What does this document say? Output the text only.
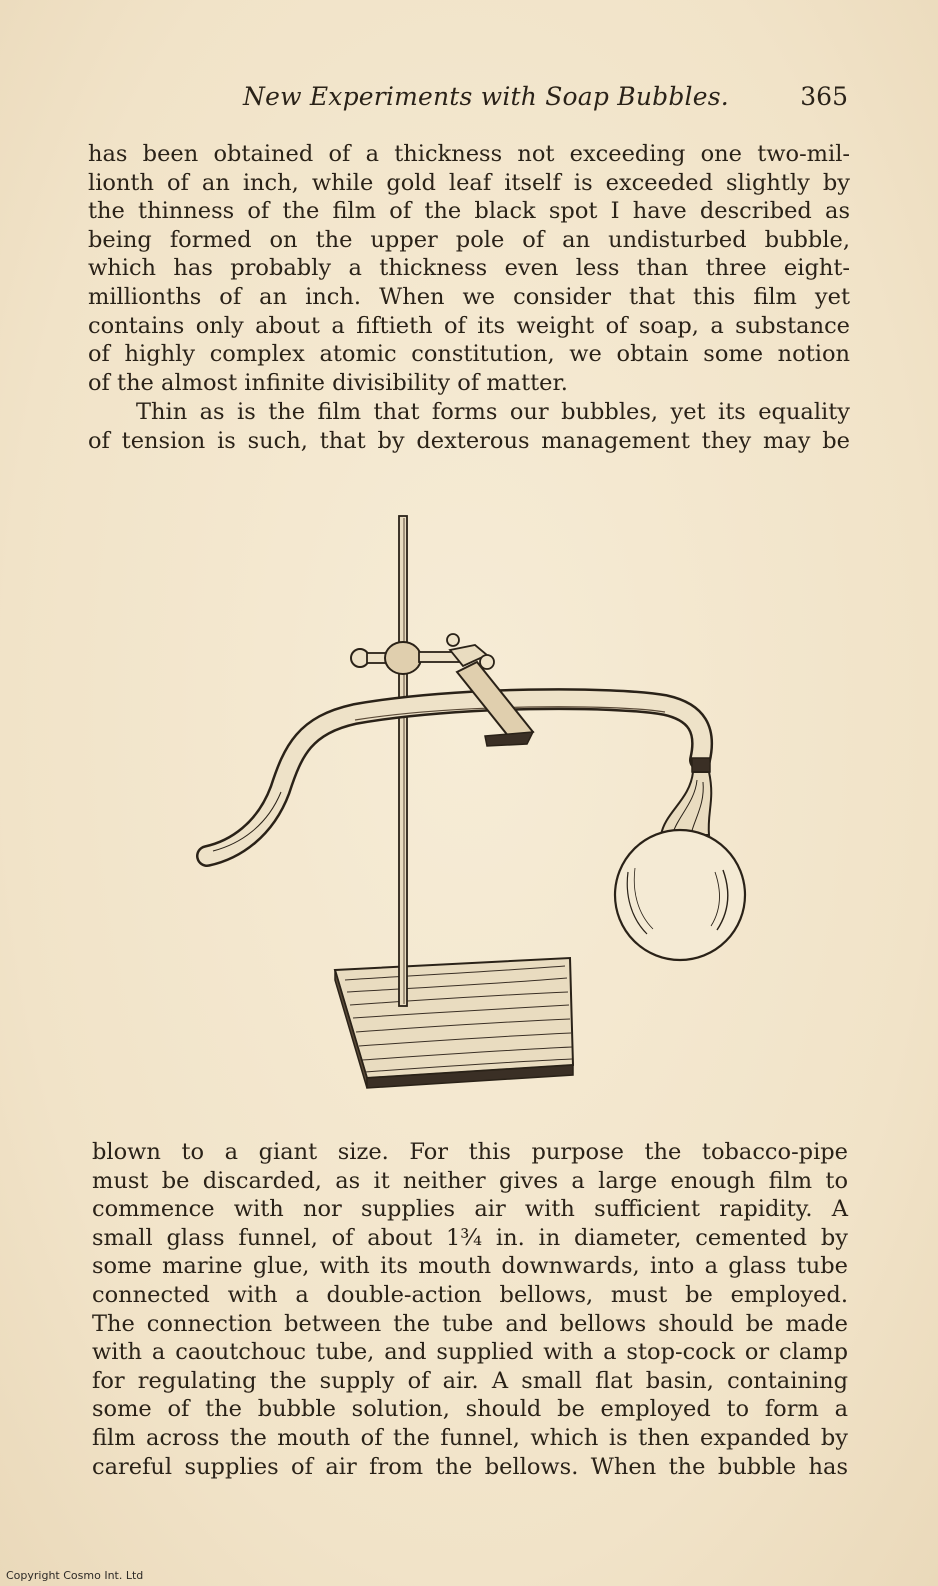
New Experiments with Soap Bubbles.	365
has been obtained of a thickness not exceeding one two-mil-
lionth of an inch, while gold leaf itself is exceeded slightly by
the thinness of the film of the black spot I have described as
being formed on the upper pole of an undisturbed bubble,
which has probably a thickness even less than three eight-
millionths of an inch. When we consider that this film yet
contains only about a fiftieth of its weight of soap, a substance
of highly complex atomic constitution, we obtain some notion
of the almost infinite divisibility of matter.
Thin as is the film that forms our bubbles, yet its equality
of tension is such, that by dexterous management they may be
blown to a giant size. For this purpose the tobacco-pipe
must be discarded, as it neither gives a large enough film to
commence with nor supplies air with sufficient rapidity. A
small glass funnel, of about 1¾ in. in diameter, cemented by
some marine glue, with its mouth downwards, into a glass tube
connected with a double-action bellows, must be employed.
The connection between the tube and bellows should be made
with a caoutchouc tube, and supplied with a stop-cock or clamp
for regulating the supply of air. A small flat basin, containing
some of the bubble solution, should be employed to form a
film across the mouth of the funnel, which is then expanded by
careful supplies of air from the bellows. When the bubble has
Copyright Cosmo Int. Ltd
